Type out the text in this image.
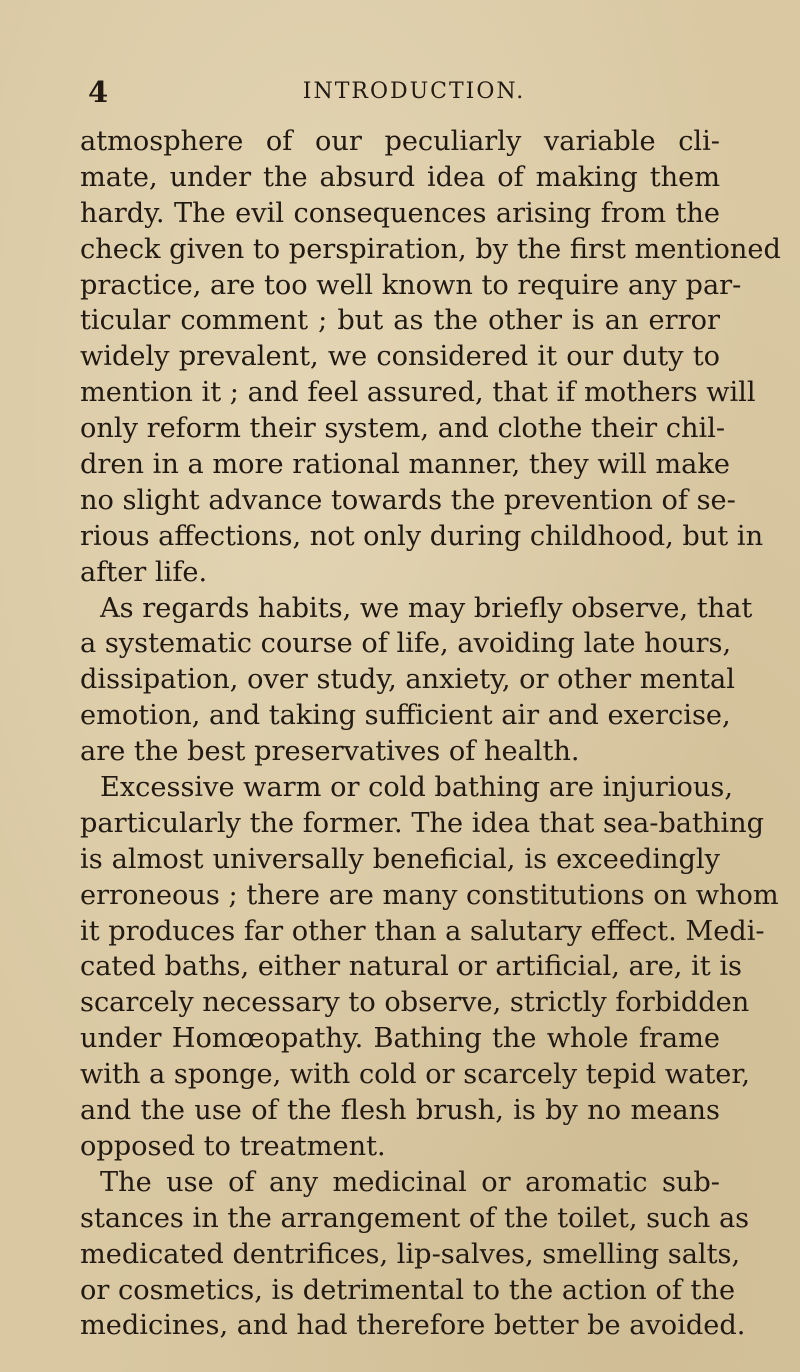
4	INTRODUCTION.
atmosphere of our peculiarly variable cli-
mate, under the absurd idea of making them
hardy. The evil consequences arising from the
check given to perspiration, by the first mentioned
practice, are too well known to require any par-
ticular comment ; but as the other is an error
widely prevalent, we considered it our duty to
mention it ; and feel assured, that if mothers will
only reform their system, and clothe their chil-
dren in a more rational manner, they will make
no slight advance towards the prevention of se-
rious affections, not only during childhood, but in
after life.
As regards habits, we may briefly observe, that
a systematic course of life, avoiding late hours,
dissipation, over study, anxiety, or other mental
emotion, and taking sufficient air and exercise,
are the best preservatives of health.
Excessive warm or cold bathing are injurious,
particularly the former. The idea that sea-bathing
is almost universally beneficial, is exceedingly
erroneous ; there are many constitutions on whom
it produces far other than a salutary effect. Medi-
cated baths, either natural or artificial, are, it is
scarcely necessary to observe, strictly forbidden
under Homœopathy. Bathing the whole frame
with a sponge, with cold or scarcely tepid water,
and the use of the flesh brush, is by no means
opposed to treatment.
The use of any medicinal or aromatic sub-
stances in the arrangement of the toilet, such as
medicated dentrifices, lip-salves, smelling salts,
or cosmetics, is detrimental to the action of the
medicines, and had therefore better be avoided.
